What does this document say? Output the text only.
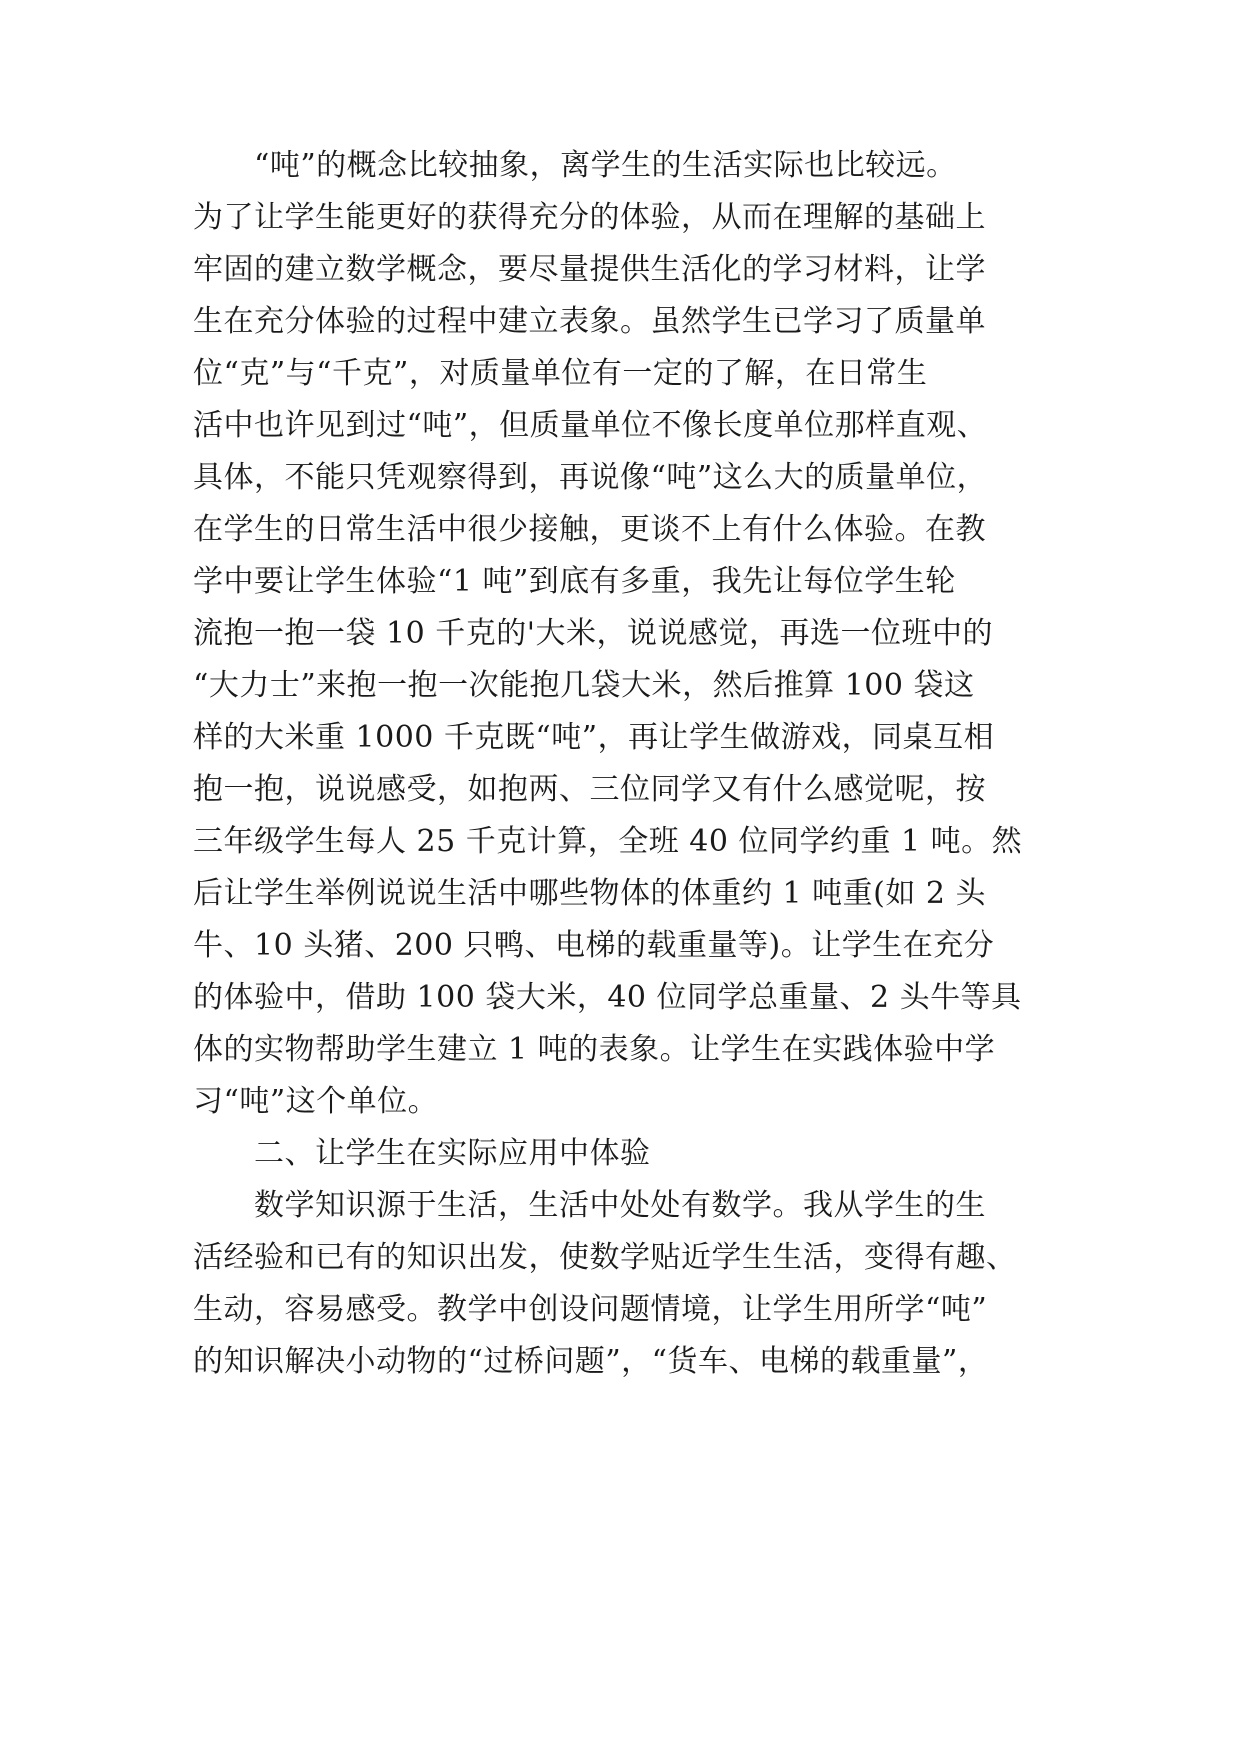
　　“吨”的概念比较抽象，离学生的生活实际也比较远。
为了让学生能更好的获得充分的体验，从而在理解的基础上
牢固的建立数学概念，要尽量提供生活化的学习材料，让学
生在充分体验的过程中建立表象。虽然学生已学习了质量单
位“克”与“千克”，对质量单位有一定的了解，在日常生
活中也许见到过“吨”，但质量单位不像长度单位那样直观、
具体，不能只凭观察得到，再说像“吨”这么大的质量单位，
在学生的日常生活中很少接触，更谈不上有什么体验。在教
学中要让学生体验“1 吨”到底有多重，我先让每位学生轮
流抱一抱一袋 10 千克的'大米，说说感觉，再选一位班中的
“大力士”来抱一抱一次能抱几袋大米，然后推算 100 袋这
样的大米重 1000 千克既“吨”，再让学生做游戏，同桌互相
抱一抱，说说感受，如抱两、三位同学又有什么感觉呢，按
三年级学生每人 25 千克计算，全班 40 位同学约重 1 吨。然
后让学生举例说说生活中哪些物体的体重约 1 吨重(如 2 头
牛、10 头猪、200 只鸭、电梯的载重量等)。让学生在充分
的体验中，借助 100 袋大米，40 位同学总重量、2 头牛等具
体的实物帮助学生建立 1 吨的表象。让学生在实践体验中学
习“吨”这个单位。
　　二、让学生在实际应用中体验
　　数学知识源于生活，生活中处处有数学。我从学生的生
活经验和已有的知识出发，使数学贴近学生生活，变得有趣、
生动，容易感受。教学中创设问题情境，让学生用所学“吨”
的知识解决小动物的“过桥问题”，“货车、电梯的载重量”，
